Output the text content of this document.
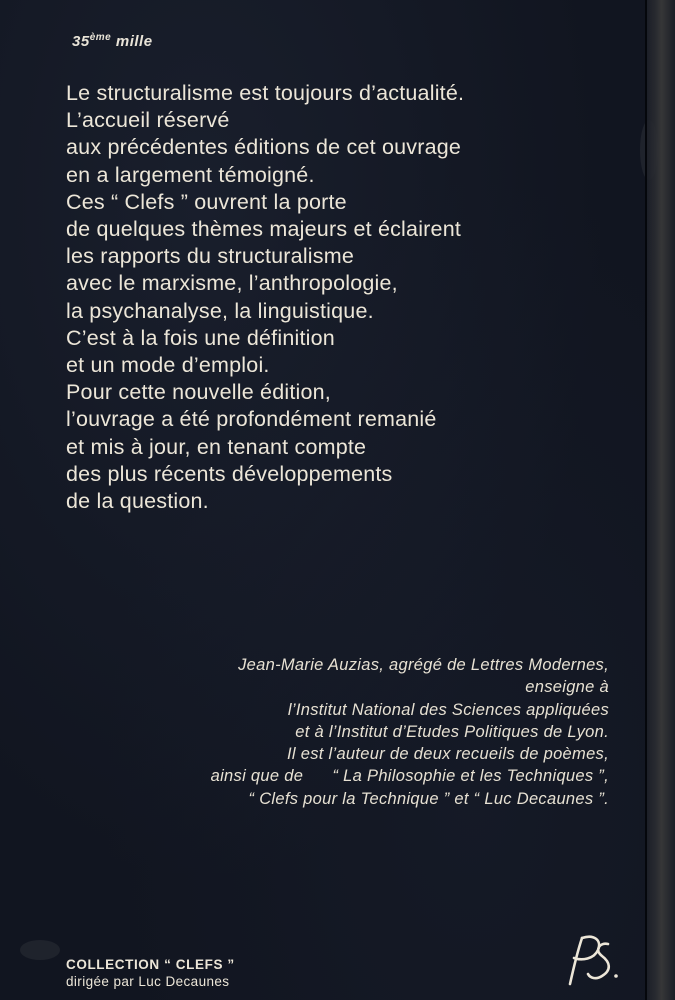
35ème mille

Le structuralisme est toujours d’actualité.
L’accueil réservé
aux précédentes éditions de cet ouvrage
en a largement témoigné.
Ces “ Clefs ” ouvrent la porte
de quelques thèmes majeurs et éclairent
les rapports du structuralisme
avec le marxisme, l’anthropologie,
la psychanalyse, la linguistique.
C’est à la fois une définition
et un mode d’emploi.
Pour cette nouvelle édition,
l’ouvrage a été profondément remanié
et mis à jour, en tenant compte
des plus récents développements
de la question.

Jean-Marie Auzias, agrégé de Lettres Modernes,
enseigne à
l’Institut National des Sciences appliquées
et à l’Institut d’Etudes Politiques de Lyon.
Il est l’auteur de deux recueils de poèmes,
ainsi que de      “ La Philosophie et les Techniques ”,
“ Clefs pour la Technique ” et “ Luc Decaunes ”.

COLLECTION “ CLEFS ”
dirigée par Luc Decaunes
